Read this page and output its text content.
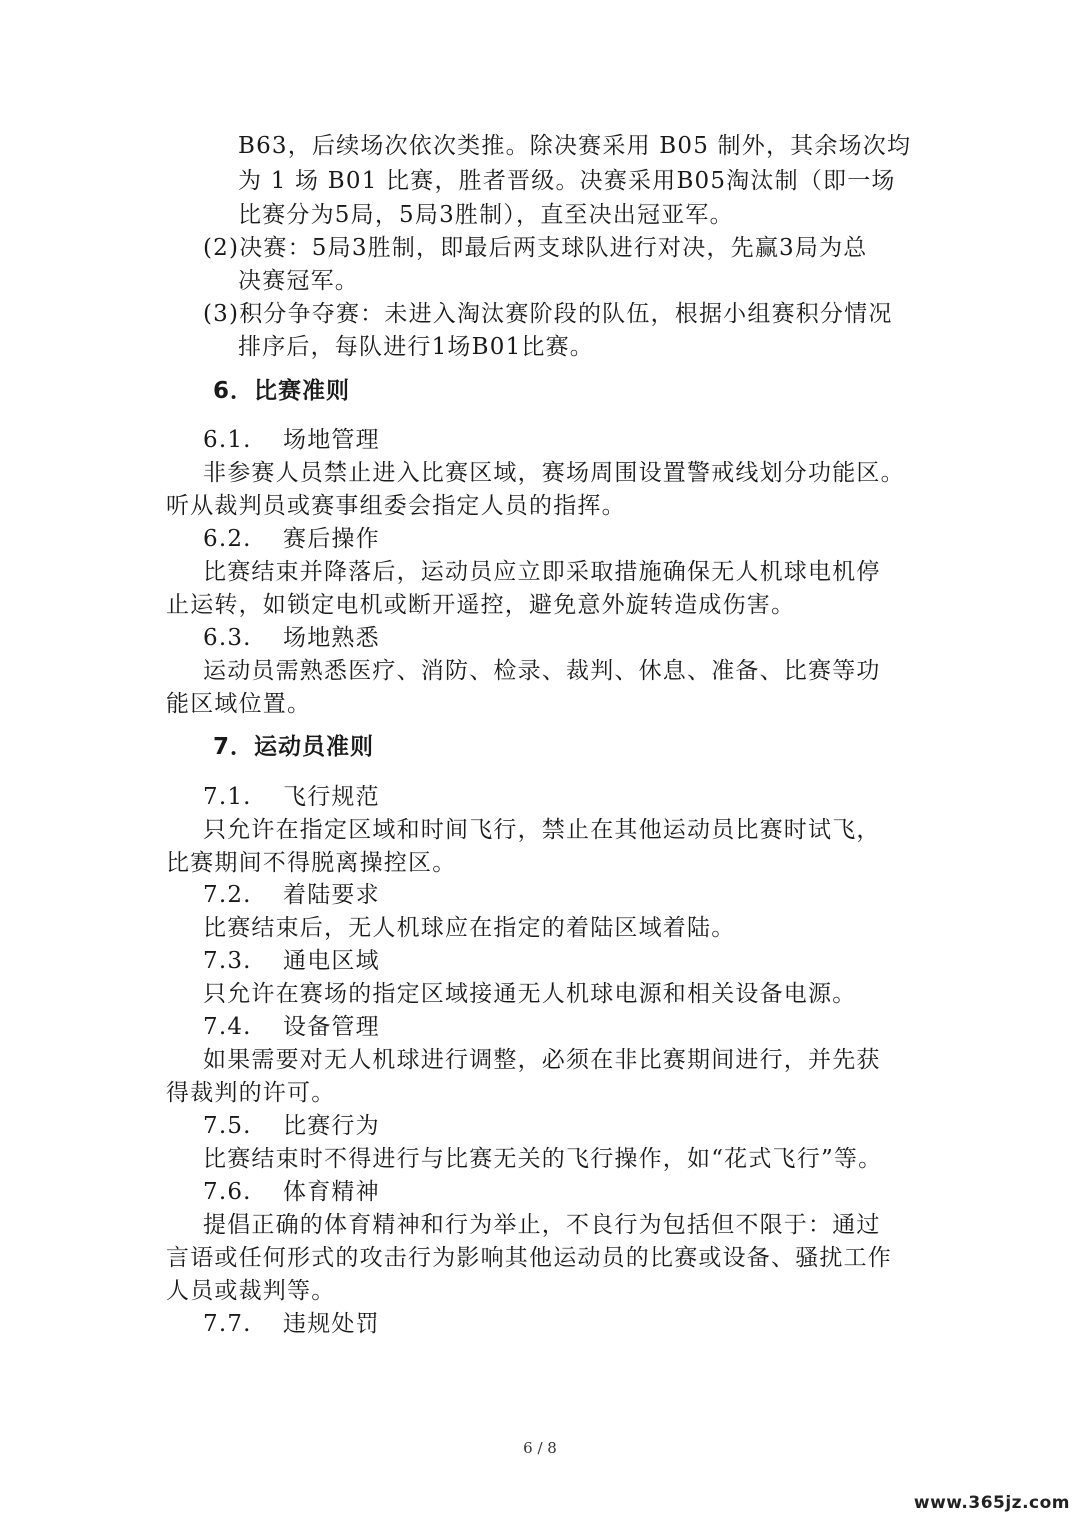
B63，后续场次依次类推。除决赛采用 B05 制外，其余场次均
为 1 场 B01 比赛，胜者晋级。决赛采用B05淘汰制（即一场
比赛分为5局，5局3胜制），直至决出冠亚军。
(2)决赛：5局3胜制，即最后两支球队进行对决，先赢3局为总
决赛冠军。
(3)积分争夺赛：未进入淘汰赛阶段的队伍，根据小组赛积分情况
排序后，每队进行1场B01比赛。
6．比赛准则
6.1. 场地管理
非参赛人员禁止进入比赛区域，赛场周围设置警戒线划分功能区。
听从裁判员或赛事组委会指定人员的指挥。
6.2. 赛后操作
比赛结束并降落后，运动员应立即采取措施确保无人机球电机停
止运转，如锁定电机或断开遥控，避免意外旋转造成伤害。
6.3. 场地熟悉
运动员需熟悉医疗、消防、检录、裁判、休息、准备、比赛等功
能区域位置。
7．运动员准则
7.1. 飞行规范
只允许在指定区域和时间飞行，禁止在其他运动员比赛时试飞，
比赛期间不得脱离操控区。
7.2. 着陆要求
比赛结束后，无人机球应在指定的着陆区域着陆。
7.3. 通电区域
只允许在赛场的指定区域接通无人机球电源和相关设备电源。
7.4. 设备管理
如果需要对无人机球进行调整，必须在非比赛期间进行，并先获
得裁判的许可。
7.5. 比赛行为
比赛结束时不得进行与比赛无关的飞行操作，如“花式飞行”等。
7.6. 体育精神
提倡正确的体育精神和行为举止，不良行为包括但不限于：通过
言语或任何形式的攻击行为影响其他运动员的比赛或设备、骚扰工作
人员或裁判等。
7.7. 违规处罚
6 / 8
www.365jz.com
